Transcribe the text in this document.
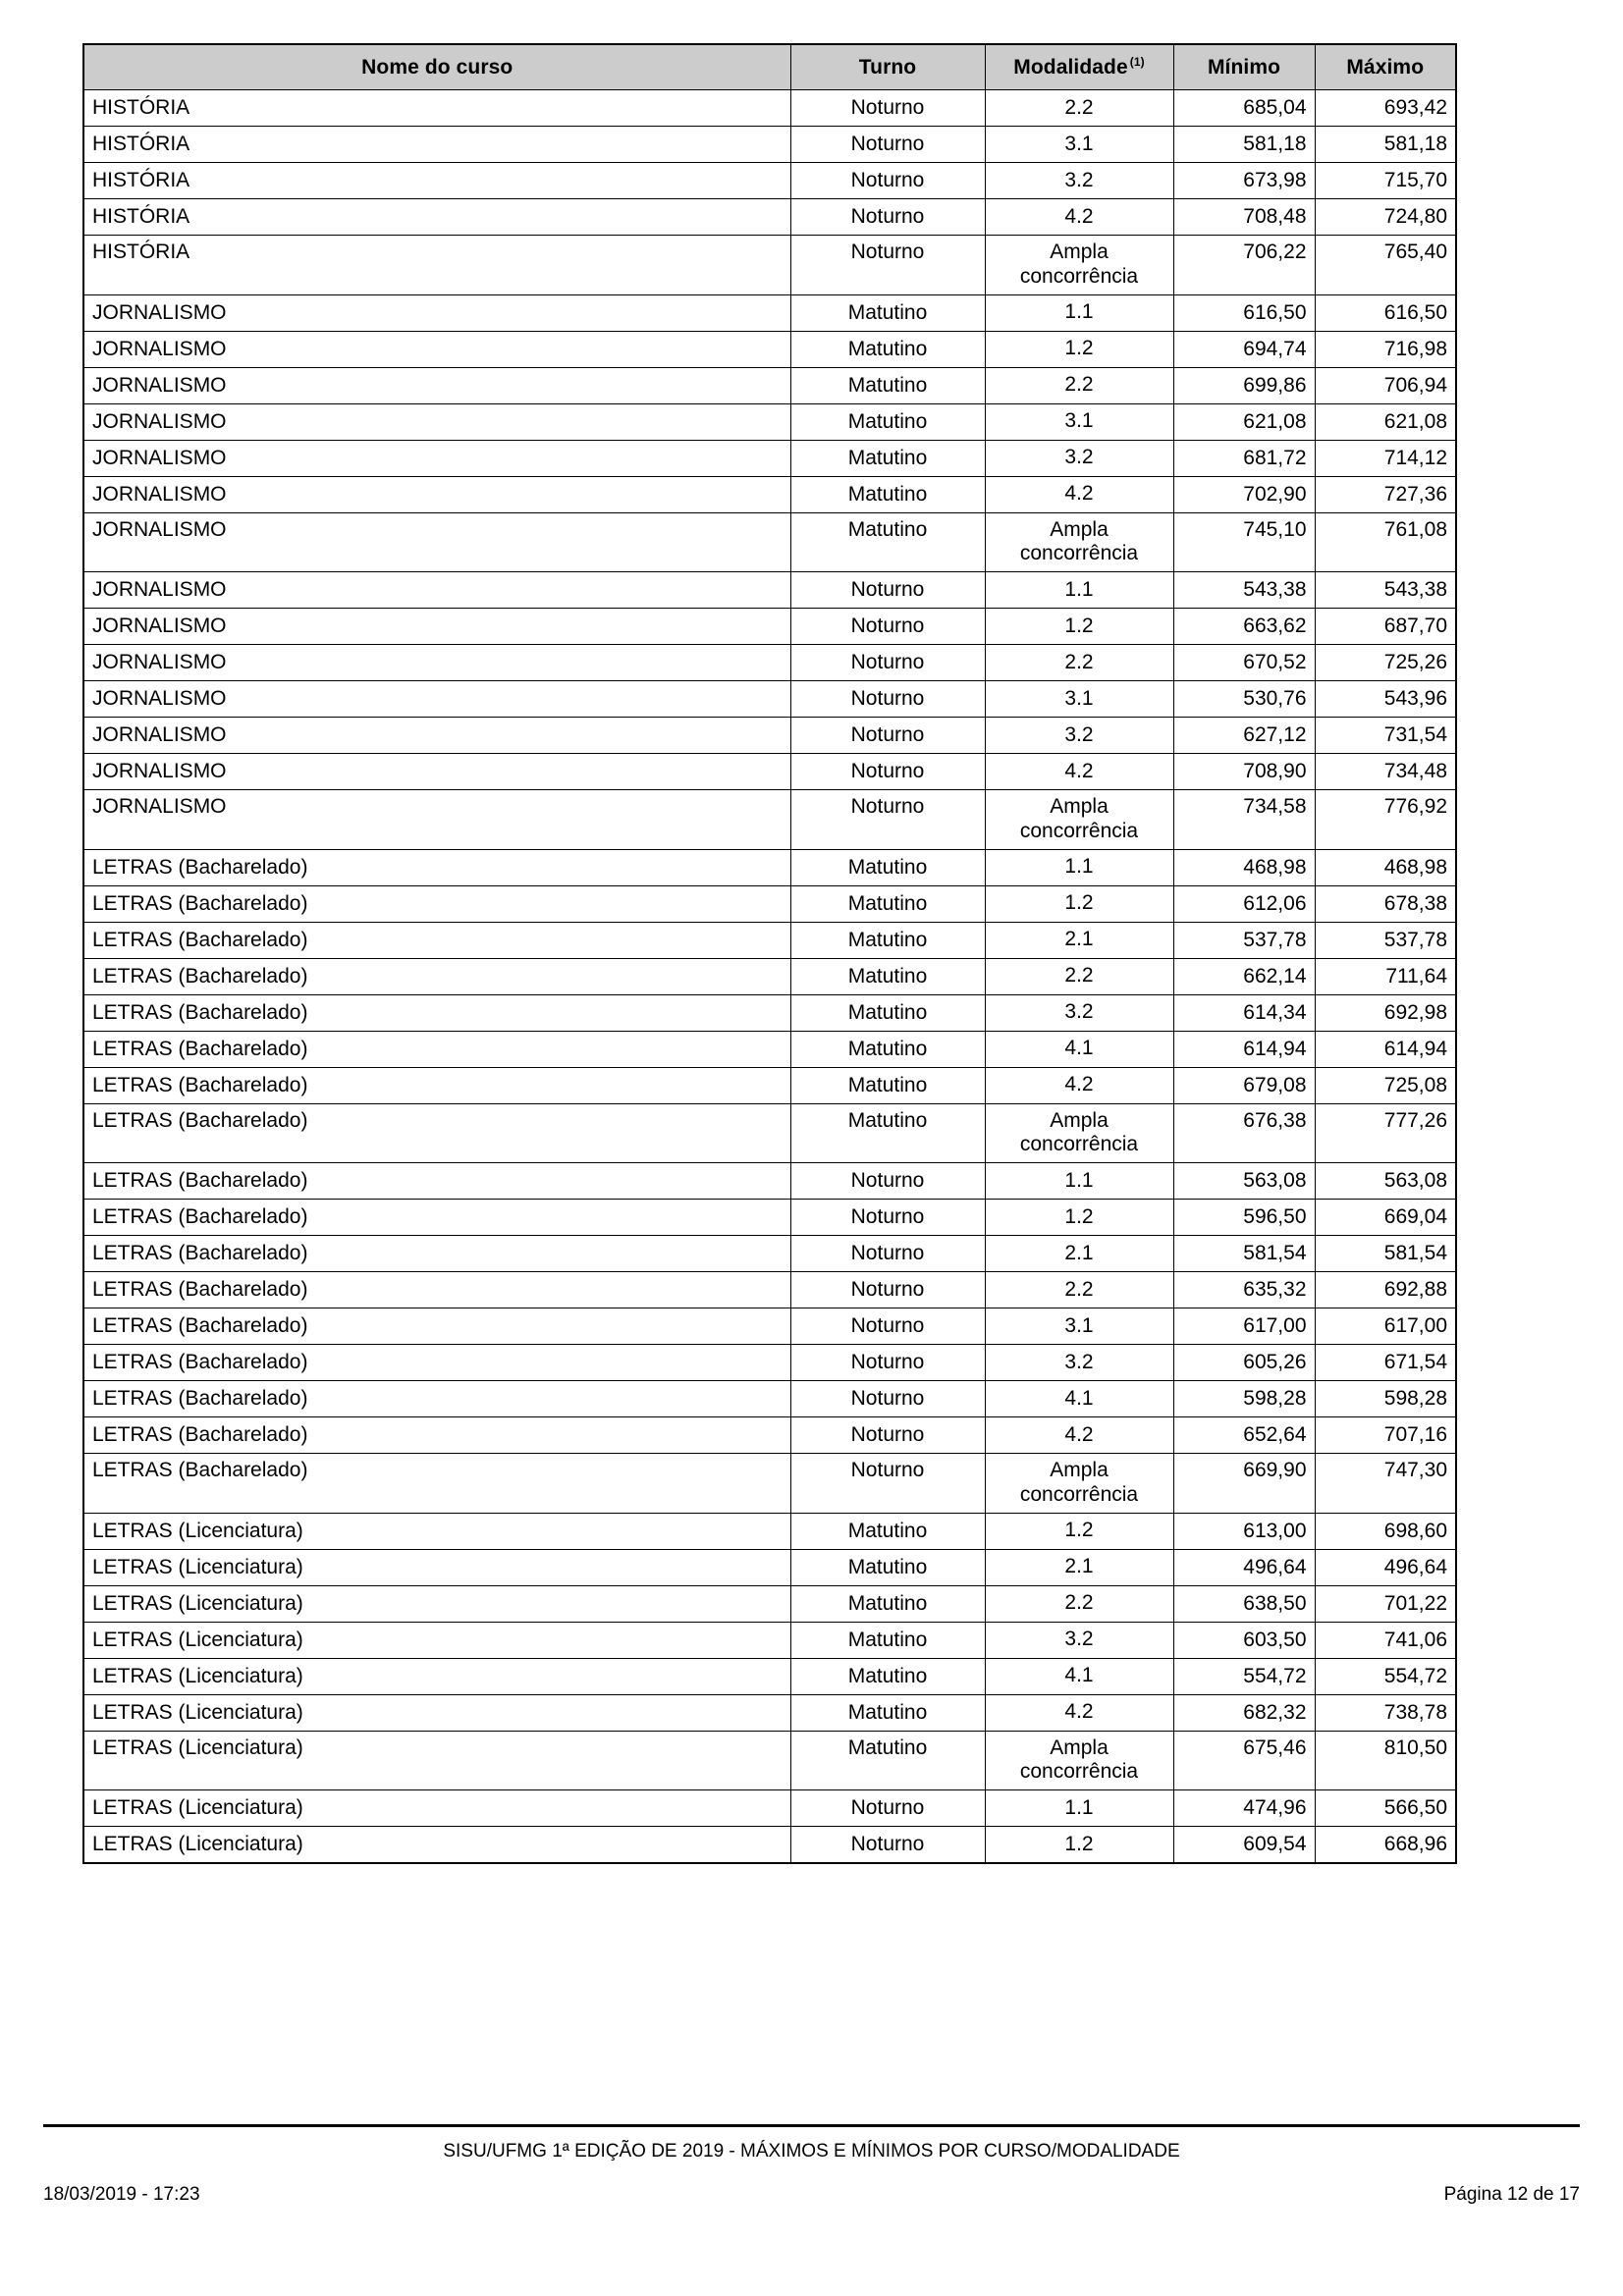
Nome do curso	Turno	Modalidade $^{(1)}$	Mínimo	Máximo
HISTÓRIA	Noturno	2.2	685,04	693,42
HISTÓRIA	Noturno	3.1	581,18	581,18
HISTÓRIA	Noturno	3.2	673,98	715,70
HISTÓRIA	Noturno	4.2	708,48	724,80
HISTÓRIA	Noturno	Ampla concorrência	706,22	765,40
JORNALISMO	Matutino	1.1	616,50	616,50
JORNALISMO	Matutino	1.2	694,74	716,98
JORNALISMO	Matutino	2.2	699,86	706,94
JORNALISMO	Matutino	3.1	621,08	621,08
JORNALISMO	Matutino	3.2	681,72	714,12
JORNALISMO	Matutino	4.2	702,90	727,36
JORNALISMO	Matutino	Ampla concorrência	745,10	761,08
JORNALISMO	Noturno	1.1	543,38	543,38
JORNALISMO	Noturno	1.2	663,62	687,70
JORNALISMO	Noturno	2.2	670,52	725,26
JORNALISMO	Noturno	3.1	530,76	543,96
JORNALISMO	Noturno	3.2	627,12	731,54
JORNALISMO	Noturno	4.2	708,90	734,48
JORNALISMO	Noturno	Ampla concorrência	734,58	776,92
LETRAS (Bacharelado)	Matutino	1.1	468,98	468,98
LETRAS (Bacharelado)	Matutino	1.2	612,06	678,38
LETRAS (Bacharelado)	Matutino	2.1	537,78	537,78
LETRAS (Bacharelado)	Matutino	2.2	662,14	711,64
LETRAS (Bacharelado)	Matutino	3.2	614,34	692,98
LETRAS (Bacharelado)	Matutino	4.1	614,94	614,94
LETRAS (Bacharelado)	Matutino	4.2	679,08	725,08
LETRAS (Bacharelado)	Matutino	Ampla concorrência	676,38	777,26
LETRAS (Bacharelado)	Noturno	1.1	563,08	563,08
LETRAS (Bacharelado)	Noturno	1.2	596,50	669,04
LETRAS (Bacharelado)	Noturno	2.1	581,54	581,54
LETRAS (Bacharelado)	Noturno	2.2	635,32	692,88
LETRAS (Bacharelado)	Noturno	3.1	617,00	617,00
LETRAS (Bacharelado)	Noturno	3.2	605,26	671,54
LETRAS (Bacharelado)	Noturno	4.1	598,28	598,28
LETRAS (Bacharelado)	Noturno	4.2	652,64	707,16
LETRAS (Bacharelado)	Noturno	Ampla concorrência	669,90	747,30
LETRAS (Licenciatura)	Matutino	1.2	613,00	698,60
LETRAS (Licenciatura)	Matutino	2.1	496,64	496,64
LETRAS (Licenciatura)	Matutino	2.2	638,50	701,22
LETRAS (Licenciatura)	Matutino	3.2	603,50	741,06
LETRAS (Licenciatura)	Matutino	4.1	554,72	554,72
LETRAS (Licenciatura)	Matutino	4.2	682,32	738,78
LETRAS (Licenciatura)	Matutino	Ampla concorrência	675,46	810,50
LETRAS (Licenciatura)	Noturno	1.1	474,96	566,50
LETRAS (Licenciatura)	Noturno	1.2	609,54	668,96
SISU/UFMG 1ª EDIÇÃO DE 2019 - MÁXIMOS E MÍNIMOS POR CURSO/MODALIDADE
18/03/2019 - 17:23	Página 12 de 17
